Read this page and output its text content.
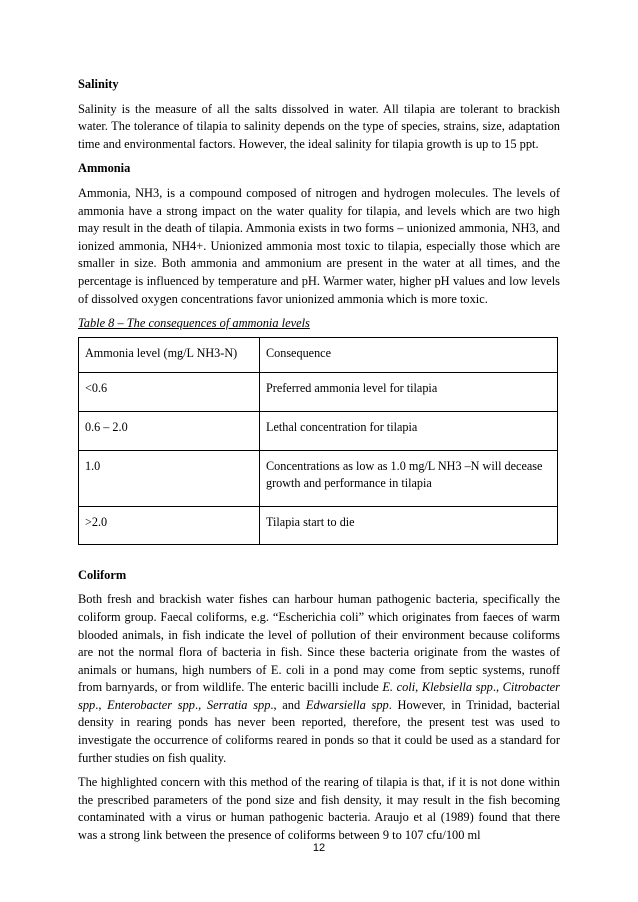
Salinity

Salinity is the measure of all the salts dissolved in water. All tilapia are tolerant to brackish water. The tolerance of tilapia to salinity depends on the type of species, strains, size, adaptation time and environmental factors. However, the ideal salinity for tilapia growth is up to 15 ppt.

Ammonia

Ammonia, NH3, is a compound composed of nitrogen and hydrogen molecules. The levels of ammonia have a strong impact on the water quality for tilapia, and levels which are two high may result in the death of tilapia. Ammonia exists in two forms – unionized ammonia, NH3, and ionized ammonia, NH4+. Unionized ammonia most toxic to tilapia, especially those which are smaller in size. Both ammonia and ammonium are present in the water at all times, and the percentage is influenced by temperature and pH. Warmer water, higher pH values and low levels of dissolved oxygen concentrations favor unionized ammonia which is more toxic.

Table 8 – The consequences of ammonia levels
Ammonia level (mg/L NH3-N)	Consequence
<0.6	Preferred ammonia level for tilapia
0.6 – 2.0	Lethal concentration for tilapia
1.0	Concentrations as low as 1.0 mg/L NH3 –N will decease growth and performance in tilapia
>2.0	Tilapia start to die
Coliform

Both fresh and brackish water fishes can harbour human pathogenic bacteria, specifically the coliform group. Faecal coliforms, e.g. “Escherichia coli” which originates from faeces of warm blooded animals, in fish indicate the level of pollution of their environment because coliforms are not the normal flora of bacteria in fish. Since these bacteria originate from the wastes of animals or humans, high numbers of E. coli in a pond may come from septic systems, runoff from barnyards, or from wildlife. The enteric bacilli include E. coli, Klebsiella spp., Citrobacter spp., Enterobacter spp., Serratia spp., and Edwarsiella spp. However, in Trinidad, bacterial density in rearing ponds has never been reported, therefore, the present test was used to investigate the occurrence of coliforms reared in ponds so that it could be used as a standard for further studies on fish quality.

The highlighted concern with this method of the rearing of tilapia is that, if it is not done within the prescribed parameters of the pond size and fish density, it may result in the fish becoming contaminated with a virus or human pathogenic bacteria. Araujo et al (1989) found that there was a strong link between the presence of coliforms between 9 to 107 cfu/100 ml

12
